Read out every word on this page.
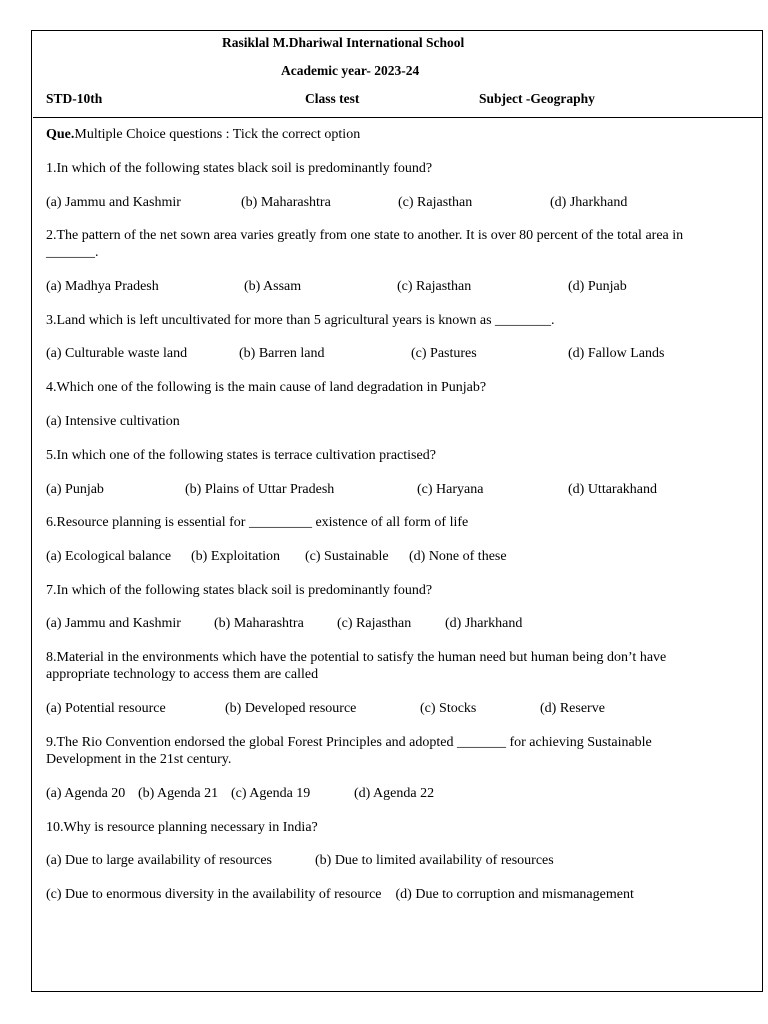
Rasiklal M.Dhariwal International School
Academic year- 2023-24
STD-10th	Class test	Subject -Geography
Que.Multiple Choice questions : Tick the correct option
1.In which of the following states black soil is predominantly found?
(a) Jammu and Kashmir	(b) Maharashtra	(c) Rajasthan	(d) Jharkhand
2.The pattern of the net sown area varies greatly from one state to another. It is over 80 percent of the total area in _______.
(a) Madhya Pradesh	(b) Assam	(c) Rajasthan	(d) Punjab
3.Land which is left uncultivated for more than 5 agricultural years is known as ________.
(a) Culturable waste land	(b) Barren land	(c) Pastures	(d) Fallow Lands
4.Which one of the following is the main cause of land degradation in Punjab?
(a) Intensive cultivation
5.In which one of the following states is terrace cultivation practised?
(a) Punjab	(b) Plains of Uttar Pradesh	(c) Haryana	(d) Uttarakhand
6.Resource planning is essential for _________ existence of all form of life
(a) Ecological balance (b) Exploitation (c) Sustainable (d) None of these
7.In which of the following states black soil is predominantly found?
(a) Jammu and Kashmir (b) Maharashtra (c) Rajasthan (d) Jharkhand
8.Material in the environments which have the potential to satisfy the human need but human being don’t have appropriate technology to access them are called
(a) Potential resource	(b) Developed resource	(c) Stocks	(d) Reserve
9.The Rio Convention endorsed the global Forest Principles and adopted _______ for achieving Sustainable Development in the 21st century.
(a) Agenda 20 (b) Agenda 21 (c) Agenda 19	(d) Agenda 22
10.Why is resource planning necessary in India?
(a) Due to large availability of resources	(b) Due to limited availability of resources
(c) Due to enormous diversity in the availability of resource (d) Due to corruption and mismanagement
